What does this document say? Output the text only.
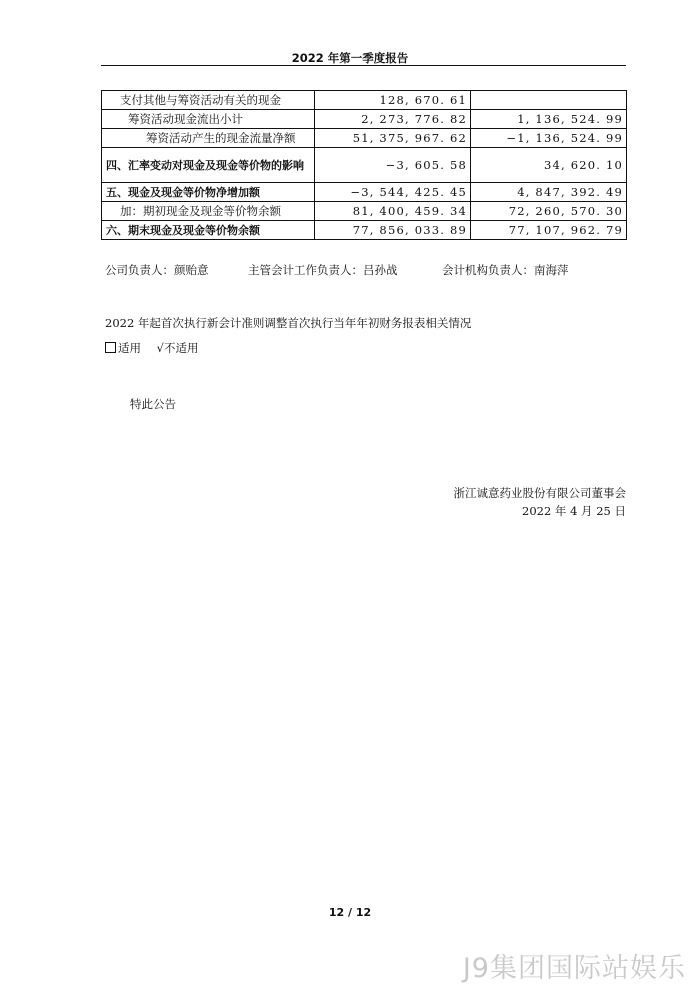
2022 年第一季度报告
支付其他与筹资活动有关的现金	128, 670. 61	
筹资活动现金流出小计	2, 273, 776. 82	1, 136, 524. 99
筹资活动产生的现金流量净额	51, 375, 967. 62	−1, 136, 524. 99
四、汇率变动对现金及现金等价物的影响	−3, 605. 58	34, 620. 10
五、现金及现金等价物净增加额	−3, 544, 425. 45	4, 847, 392. 49
加：期初现金及现金等价物余额	81, 400, 459. 34	72, 260, 570. 30
六、期末现金及现金等价物余额	77, 856, 033. 89	77, 107, 962. 79
公司负责人：颜贻意	主管会计工作负责人：吕孙战	会计机构负责人：南海萍
2022 年起首次执行新会计准则调整首次执行当年年初财务报表相关情况
适用 √不适用
特此公告
浙江诚意药业股份有限公司董事会
2022 年 4 月 25 日
12 / 12
J9集团国际站娱乐
